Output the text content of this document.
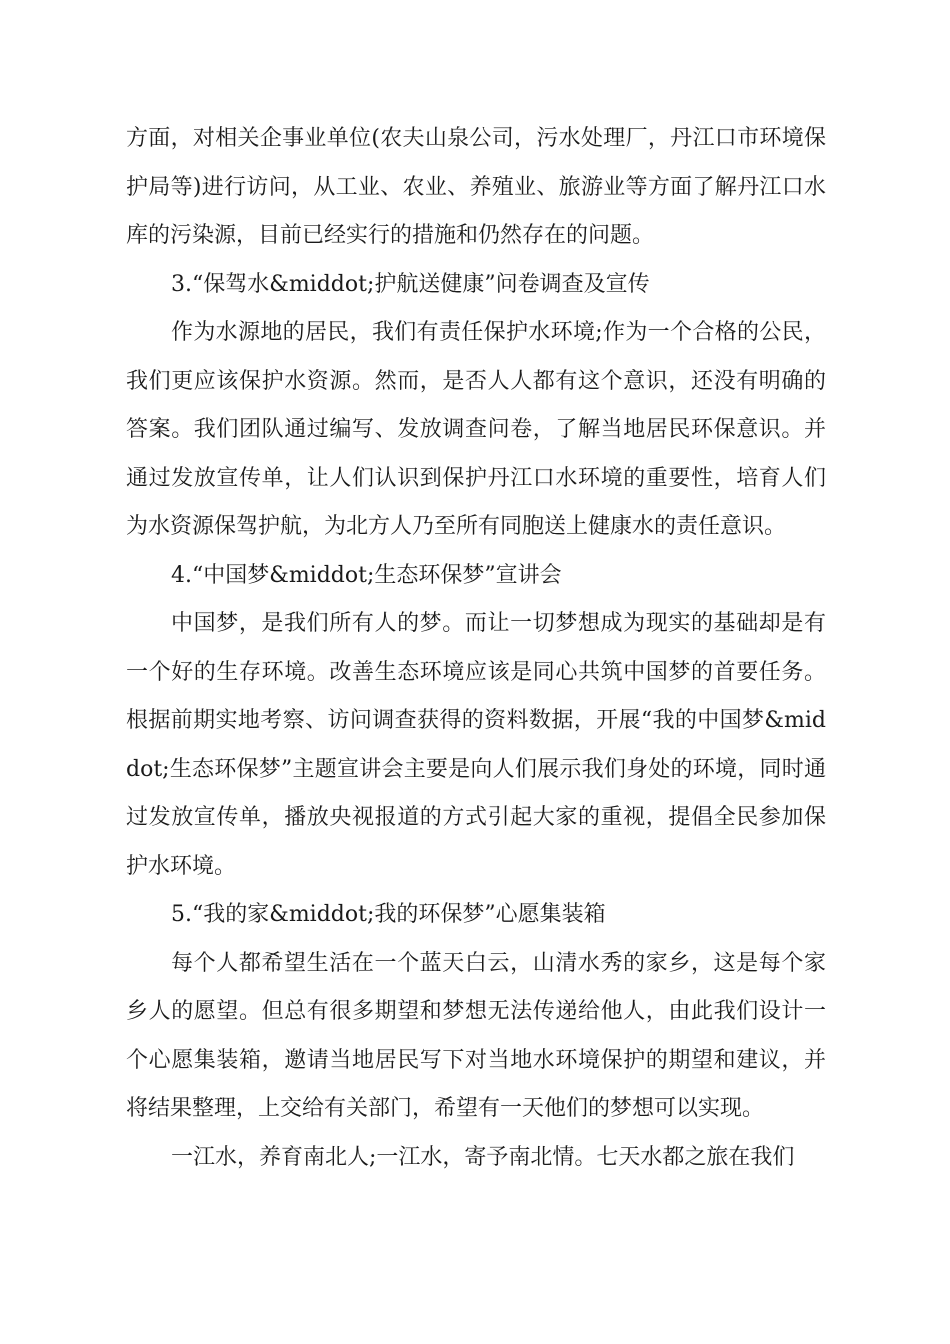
方面，对相关企事业单位(农夫山泉公司，污水处理厂，丹江口市环境保护局等)进行访问，从工业、农业、养殖业、旅游业等方面了解丹江口水库的污染源，目前已经实行的措施和仍然存在的问题。

3.“保驾水&middot;护航送健康”问卷调查及宣传

作为水源地的居民，我们有责任保护水环境;作为一个合格的公民，我们更应该保护水资源。然而，是否人人都有这个意识，还没有明确的答案。我们团队通过编写、发放调查问卷，了解当地居民环保意识。并通过发放宣传单，让人们认识到保护丹江口水环境的重要性，培育人们为水资源保驾护航，为北方人乃至所有同胞送上健康水的责任意识。

4.“中国梦&middot;生态环保梦”宣讲会

中国梦，是我们所有人的梦。而让一切梦想成为现实的基础却是有一个好的生存环境。改善生态环境应该是同心共筑中国梦的首要任务。根据前期实地考察、访问调查获得的资料数据，开展“我的中国梦&middot;生态环保梦”主题宣讲会主要是向人们展示我们身处的环境，同时通过发放宣传单，播放央视报道的方式引起大家的重视，提倡全民参加保护水环境。

5.“我的家&middot;我的环保梦”心愿集装箱

每个人都希望生活在一个蓝天白云，山清水秀的家乡，这是每个家乡人的愿望。但总有很多期望和梦想无法传递给他人，由此我们设计一个心愿集装箱，邀请当地居民写下对当地水环境保护的期望和建议，并将结果整理，上交给有关部门，希望有一天他们的梦想可以实现。

一江水，养育南北人;一江水，寄予南北情。七天水都之旅在我们
